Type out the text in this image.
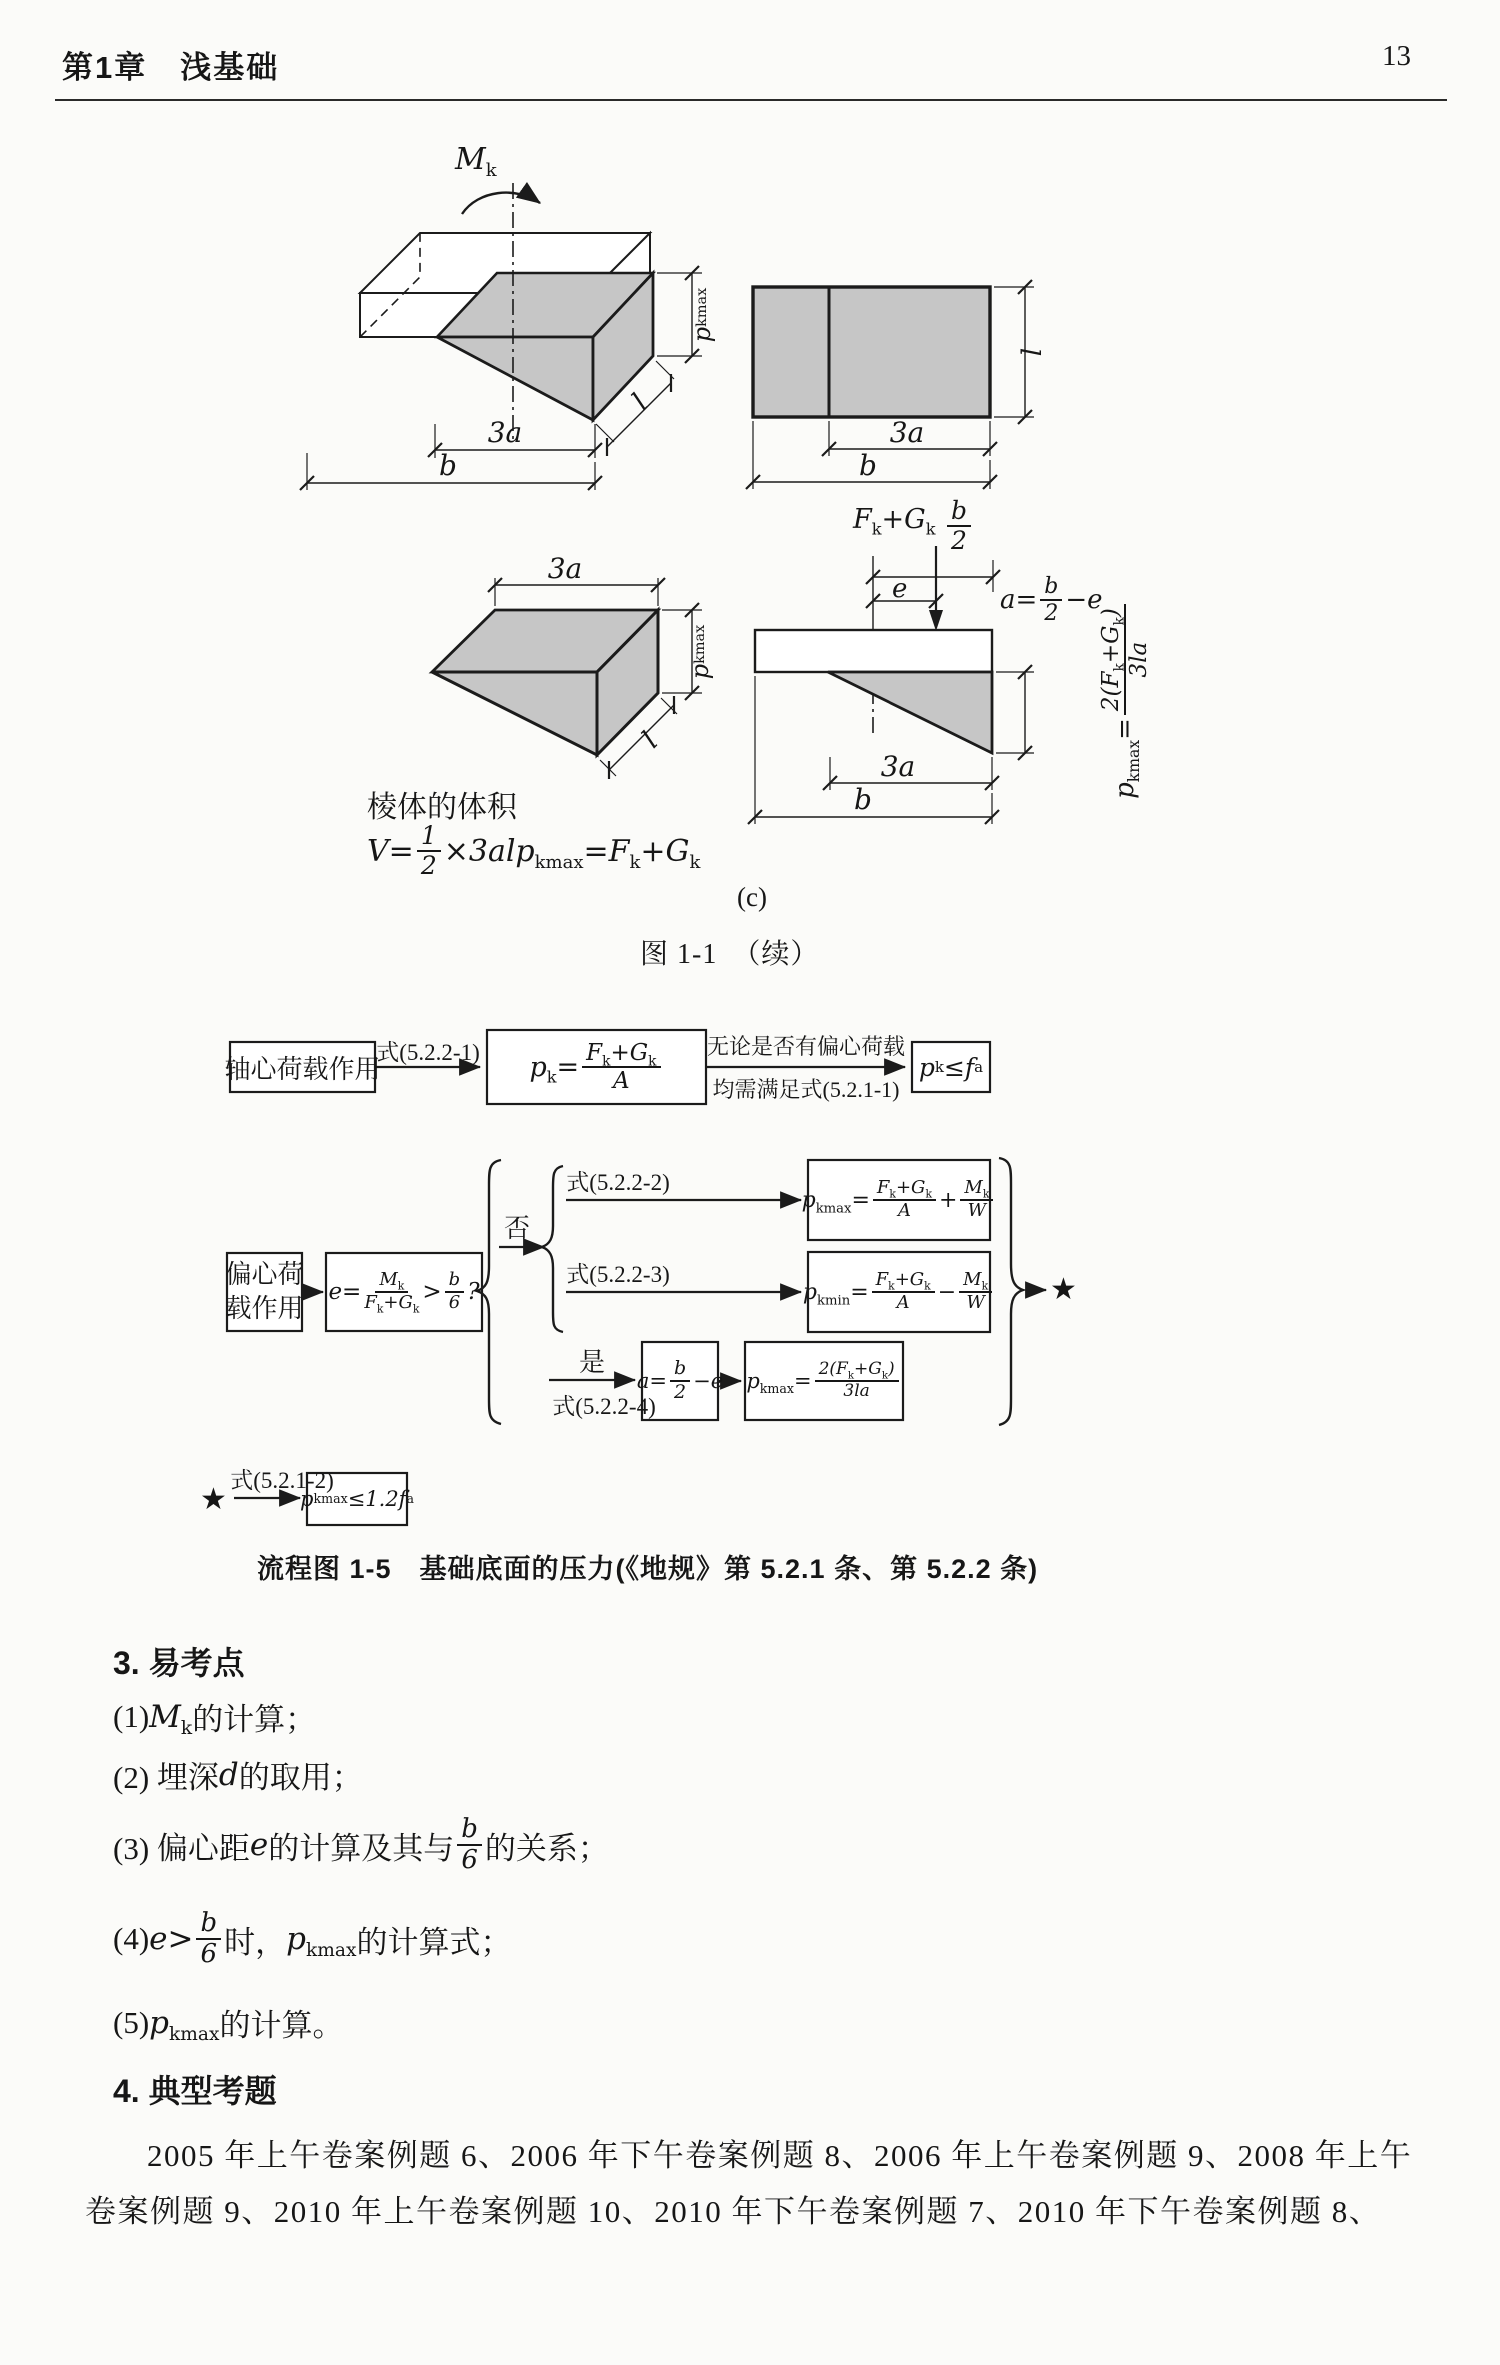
第1章　浅基础	13
$M_k$
p
kmax
l
3a
b
l
3a
b
3a
p
kmax
l
棱体的体积
$V= \frac{1}{2} \times 3alp_{kmax}=F_k+G_k$
$F_k+G_k \frac{b}{2}$
e	$a= \frac{b}{2} -e$
$p_{kmax}=$
$2(F_k+G_k)$
3la
3a
b
(c)
图 1-1　（续）
轴心荷载作用
式(5.2.2-1) $p_k= \frac{F_k+G_k}{A}$ 无论是否有偏心荷载
均需满足式(5.2.1-1)
p k ≤f a
偏心荷
载作用
$e= \frac{M_k}{F_k+G_k} > \frac{b}{6}$ ?
否
式(5.2.2-2)
$p_{kmax}= \frac{F_k+G_k}{A} + \frac{M_k}{W}$
式(5.2.2-3)
$p_{kmin}= \frac{F_k+G_k}{A} - \frac{M_k}{W}$
是
式(5.2.2-4)
$a= \frac{b}{2} -e$ $p_{kmax}= \frac{2(F_k+G_k)}{3la}$
★
★
式(5.2.1-2)
p kmax ≤1.2f a
流程图 1-5　基础底面的压力(《地规》第 5.2.1 条、第 5.2.2 条)
3. 易考点
(1) $M_k$ 的计算；
(2) 埋深 d 的取用；
(3) 偏心距 e 的计算及其与 $\frac{b}{6}$ 的关系；
(4) $e> \frac{b}{6}$ 时， $p_{kmax}$ 的计算式；
(5) $p_{kmax}$ 的计算。
4. 典型考题
2005 年上午卷案例题 6、2006 年下午卷案例题 8、2006 年上午卷案例题 9、2008 年上午
卷案例题 9、2010 年上午卷案例题 10、2010 年下午卷案例题 7、2010 年下午卷案例题 8、
